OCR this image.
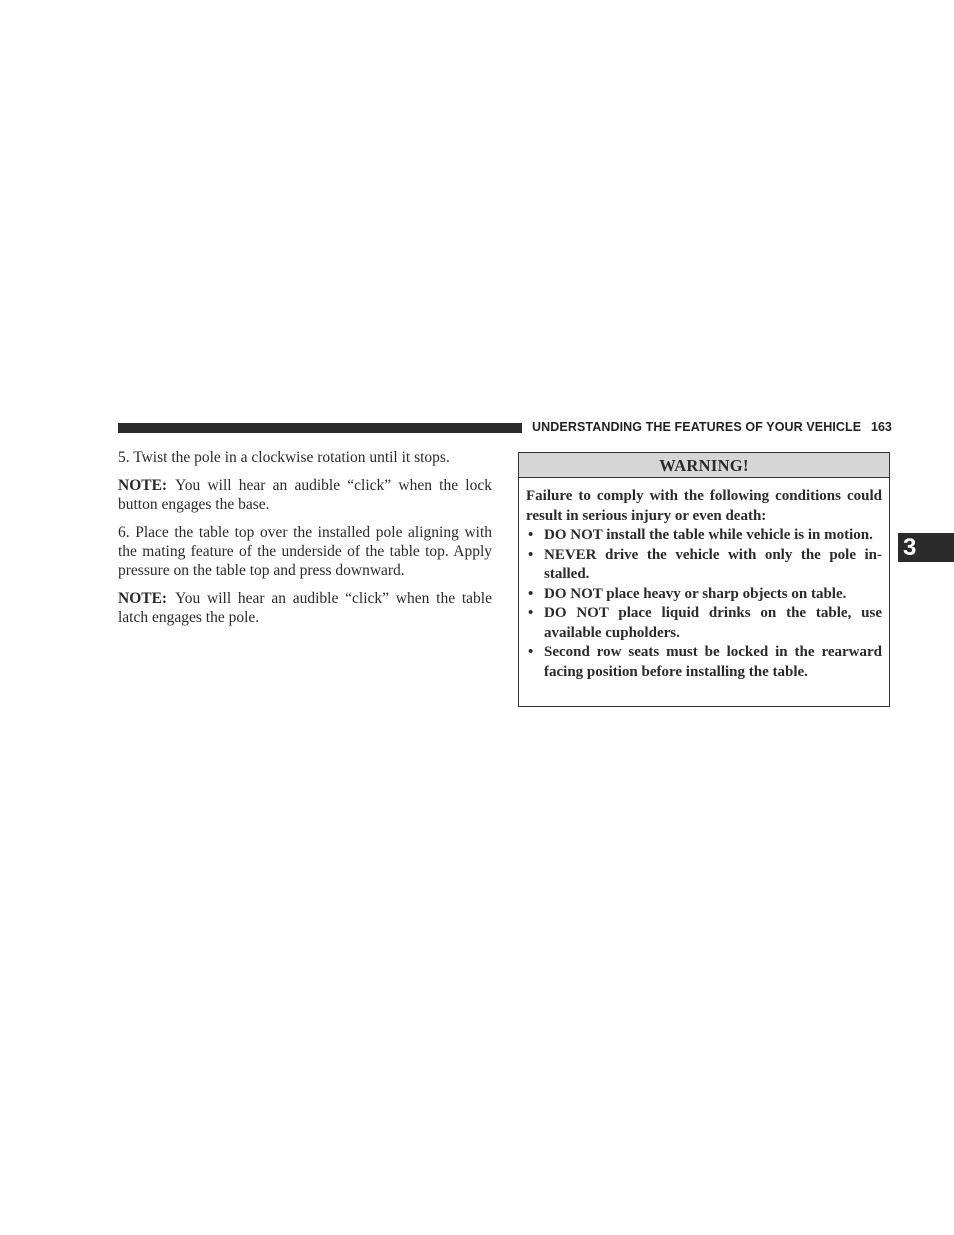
UNDERSTANDING THE FEATURES OF YOUR VEHICLE 163

5. Twist the pole in a clockwise rotation until it stops.

NOTE: You will hear an audible “click” when the lock button engages the base.

6. Place the table top over the installed pole aligning with the mating feature of the underside of the table top. Apply pressure on the table top and press downward.

NOTE: You will hear an audible “click” when the table latch engages the pole.

WARNING!

Failure to comply with the following conditions could result in serious injury or even death:

• DO NOT install the table while vehicle is in motion.
• NEVER drive the vehicle with only the pole in-stalled.
• DO NOT place heavy or sharp objects on table.
• DO NOT place liquid drinks on the table, use available cupholders.
• Second row seats must be locked in the rearward facing position before installing the table.
3
